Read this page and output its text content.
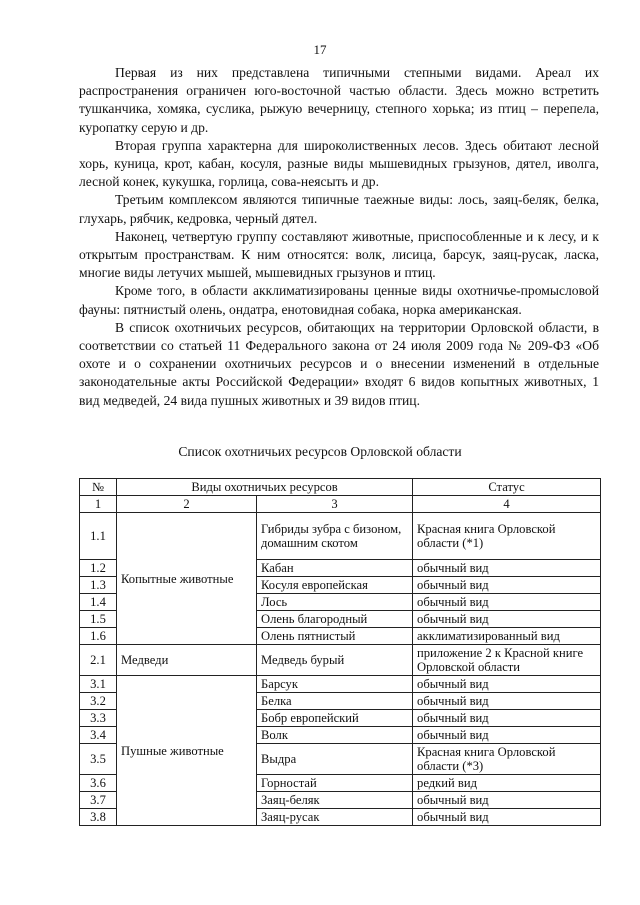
17

Первая из них представлена типичными степными видами. Ареал их распространения ограничен юго-восточной частью области. Здесь можно встретить тушканчика, хомяка, суслика, рыжую вечерницу, степного хорька; из птиц – перепела, куропатку серую и др.

Вторая группа характерна для широколиственных лесов. Здесь обитают лесной хорь, куница, крот, кабан, косуля, разные виды мышевидных грызунов, дятел, иволга, лесной конек, кукушка, горлица, сова-неясыть и др.

Третьим комплексом являются типичные таежные виды: лось, заяц-беляк, белка, глухарь, рябчик, кедровка, черный дятел.

Наконец, четвертую группу составляют животные, приспособленные и к лесу, и к открытым пространствам. К ним относятся: волк, лисица, барсук, заяц-русак, ласка, многие виды летучих мышей, мышевидных грызунов и птиц.

Кроме того, в области акклиматизированы ценные виды охотничье-промысловой фауны: пятнистый олень, ондатра, енотовидная собака, норка американская.

В список охотничьих ресурсов, обитающих на территории Орловской области, в соответствии со статьей 11 Федерального закона от 24 июля 2009 года № 209-ФЗ «Об охоте и о сохранении охотничьих ресурсов и о внесении изменений в отдельные законодательные акты Российской Федерации» входят 6 видов копытных животных, 1 вид медведей, 24 вида пушных животных и 39 видов птиц.

Список охотничьих ресурсов Орловской области
№	Виды охотничьих ресурсов		Статус
1	2	3	4
1.1	Копытные животные	Гибриды зубра с бизоном, домашним скотом	Красная книга Орловской области (*1)
1.2		Кабан	обычный вид
1.3		Косуля европейская	обычный вид
1.4		Лось	обычный вид
1.5		Олень благородный	обычный вид
1.6		Олень пятнистый	акклиматизированный вид
2.1	Медведи	Медведь бурый	приложение 2 к Красной книге Орловской области
3.1	Пушные животные	Барсук	обычный вид
3.2		Белка	обычный вид
3.3		Бобр европейский	обычный вид
3.4		Волк	обычный вид
3.5		Выдра	Красная книга Орловской области (*3)
3.6		Горностай	редкий вид
3.7		Заяц-беляк	обычный вид
3.8		Заяц-русак	обычный вид
